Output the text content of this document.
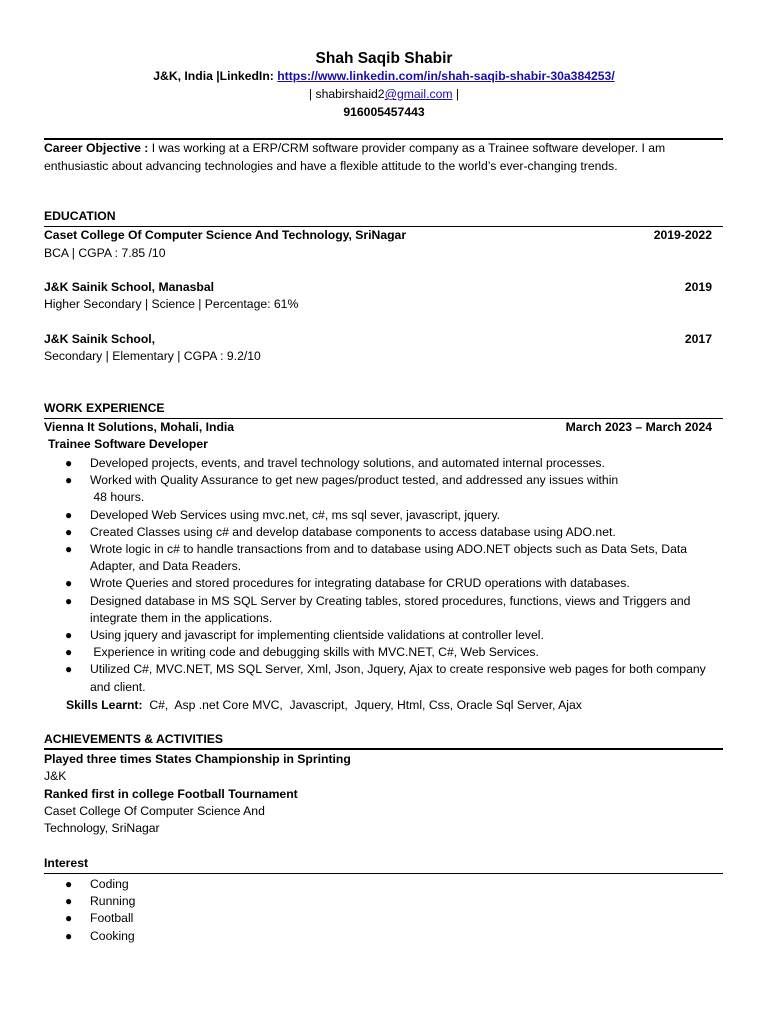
Shah Saqib Shabir
J&K, India |LinkedIn: https://www.linkedin.com/in/shah-saqib-shabir-30a384253/
| shabirshaid2@gmail.com |
916005457443
Career Objective : I was working at a ERP/CRM software provider company as a Trainee software developer. I am
enthusiastic about advancing technologies and have a flexible attitude to the world’s ever-changing trends.
EDUCATION
Caset College Of Computer Science And Technology, SriNagar	2019-2022
BCA | CGPA : 7.85 /10
J&K Sainik School, Manasbal	2019
Higher Secondary | Science | Percentage: 61%
J&K Sainik School,	2017
Secondary | Elementary | CGPA : 9.2/10
WORK EXPERIENCE
Vienna It Solutions, Mohali, India	March 2023 – March 2024
Trainee Software Developer
● Developed projects, events, and travel technology solutions, and automated internal processes.
● Worked with Quality Assurance to get new pages/product tested, and addressed any issues within
48 hours.
● Developed Web Services using mvc.net, c#, ms sql sever, javascript, jquery.
● Created Classes using c# and develop database components to access database using ADO.net.
● Wrote logic in c# to handle transactions from and to database using ADO.NET objects such as Data Sets, Data
Adapter, and Data Readers.
● Wrote Queries and stored procedures for integrating database for CRUD operations with databases.
● Designed database in MS SQL Server by Creating tables, stored procedures, functions, views and Triggers and
integrate them in the applications.
● Using jquery and javascript for implementing clientside validations at controller level.
● Experience in writing code and debugging skills with MVC.NET, C#, Web Services.
● Utilized C#, MVC.NET, MS SQL Server, Xml, Json, Jquery, Ajax to create responsive web pages for both company
and client.
Skills Learnt:  C#,  Asp .net Core MVC,  Javascript,  Jquery, Html, Css, Oracle Sql Server, Ajax
ACHIEVEMENTS & ACTIVITIES
Played three times States Championship in Sprinting
J&K
Ranked first in college Football Tournament
Caset College Of Computer Science And
Technology, SriNagar
Interest
● Coding
● Running
● Football
● Cooking
